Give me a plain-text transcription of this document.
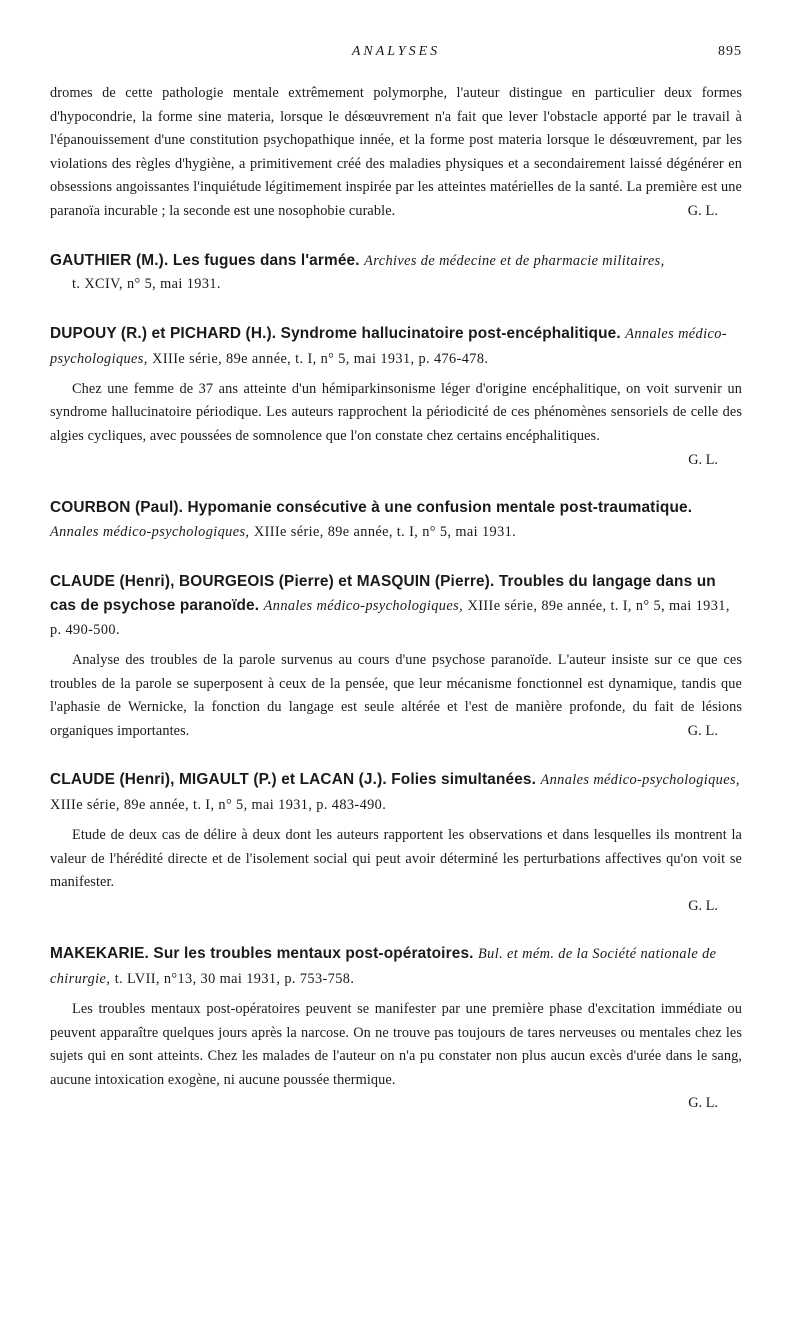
ANALYSES	895

dromes de cette pathologie mentale extrêmement polymorphe, l'auteur distingue en particulier deux formes d'hypocondrie, la forme sine materia, lorsque le désœuvrement n'a fait que lever l'obstacle apporté par le travail à l'épanouissement d'une constitution psychopathique innée, et la forme post materia lorsque le désœuvrement, par les violations des règles d'hygiène, a primitivement créé des maladies physiques et a secondairement laissé dégénérer en obsessions angoissantes l'inquiétude légitimement inspirée par les atteintes matérielles de la santé. La première est une paranoïa incurable ; la seconde est une nosophobie curable.	G. L.

GAUTHIER (M.). Les fugues dans l'armée. Archives de médecine et de pharmacie militaires,
t. XCIV, n° 5, mai 1931.

DUPOUY (R.) et PICHARD (H.). Syndrome hallucinatoire post-encéphalitique. Annales médico-psychologiques, XIIIe série, 89e année, t. I, n° 5, mai 1931, p. 476-478.

Chez une femme de 37 ans atteinte d'un hémiparkinsonisme léger d'origine encéphalitique, on voit survenir un syndrome hallucinatoire périodique. Les auteurs rapprochent la périodicité de ces phénomènes sensoriels de celle des algies cycliques, avec poussées de somnolence que l'on constate chez certains encéphalitiques.

G. L.

COURBON (Paul). Hypomanie consécutive à une confusion mentale post-traumatique. Annales médico-psychologiques, XIIIe série, 89e année, t. I, n° 5, mai 1931.

CLAUDE (Henri), BOURGEOIS (Pierre) et MASQUIN (Pierre). Troubles du langage dans un cas de psychose paranoïde. Annales médico-psychologiques, XIIIe série, 89e année, t. I, n° 5, mai 1931, p. 490-500.

Analyse des troubles de la parole survenus au cours d'une psychose paranoïde. L'auteur insiste sur ce que ces troubles de la parole se superposent à ceux de la pensée, que leur mécanisme fonctionnel est dynamique, tandis que l'aphasie de Wernicke, la fonction du langage est seule altérée et l'est de manière profonde, du fait de lésions organiques importantes.	G. L.

CLAUDE (Henri), MIGAULT (P.) et LACAN (J.). Folies simultanées. Annales médico-psychologiques, XIIIe série, 89e année, t. I, n° 5, mai 1931, p. 483-490.

Etude de deux cas de délire à deux dont les auteurs rapportent les observations et dans lesquelles ils montrent la valeur de l'hérédité directe et de l'isolement social qui peut avoir déterminé les perturbations affectives qu'on voit se manifester.

G. L.

MAKEKARIE. Sur les troubles mentaux post-opératoires. Bul. et mém. de la Société nationale de chirurgie, t. LVII, n°13, 30 mai 1931, p. 753-758.

Les troubles mentaux post-opératoires peuvent se manifester par une première phase d'excitation immédiate ou peuvent apparaître quelques jours après la narcose. On ne trouve pas toujours de tares nerveuses ou mentales chez les sujets qui en sont atteints. Chez les malades de l'auteur on n'a pu constater non plus aucun excès d'urée dans le sang, aucune intoxication exogène, ni aucune poussée thermique.

G. L.
